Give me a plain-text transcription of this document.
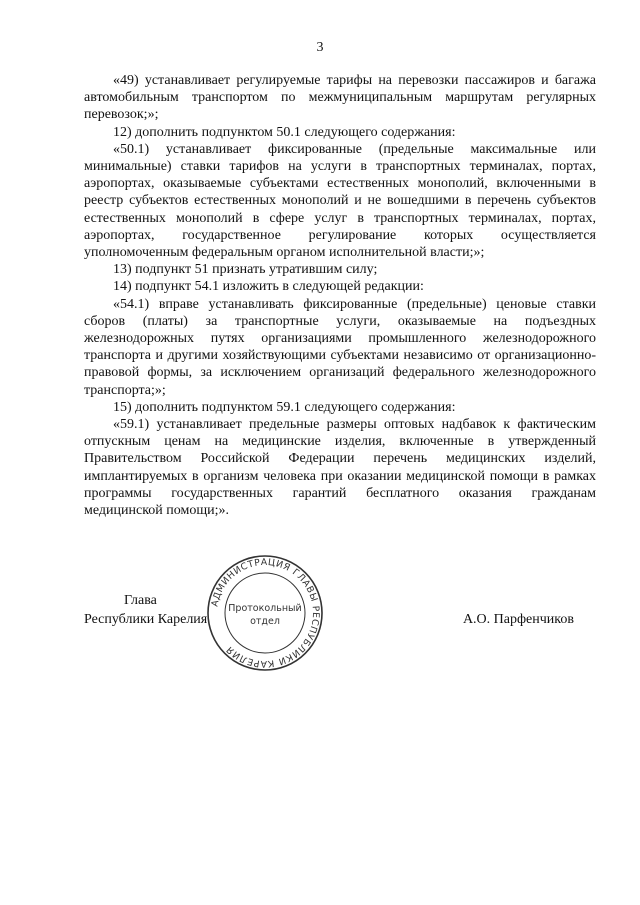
3

«49) устанавливает регулируемые тарифы на перевозки пассажиров и багажа автомобильным транспортом по межмуниципальным маршрутам регулярных перевозок;»;

12) дополнить подпунктом 50.1 следующего содержания:

«50.1) устанавливает фиксированные (предельные максимальные или минимальные) ставки тарифов на услуги в транспортных терминалах, портах, аэропортах, оказываемые субъектами естественных монополий, включенными в реестр субъектов естественных монополий и не вошедшими в перечень субъектов естественных монополий в сфере услуг в транспортных терминалах, портах, аэропортах, государственное регулирование которых осуществляется уполномоченным федеральным органом исполнительной власти;»;

13) подпункт 51 признать утратившим силу;

14) подпункт 54.1 изложить в следующей редакции:

«54.1) вправе устанавливать фиксированные (предельные) ценовые ставки сборов (платы) за транспортные услуги, оказываемые на подъездных железнодорожных путях организациями промышленного железнодорожного транспорта и другими хозяйствующими субъектами независимо от организационно-правовой формы, за исключением организаций федерального железнодорожного транспорта;»;

15) дополнить подпунктом 59.1 следующего содержания:

«59.1) устанавливает предельные размеры оптовых надбавок к фактическим отпускным ценам на медицинские изделия, включенные в утвержденный Правительством Российской Федерации перечень медицинских изделий, имплантируемых в организм человека при оказании медицинской помощи в рамках программы государственных гарантий бесплатного оказания гражданам медицинской помощи;».

Глава
Республики Карелия	А.О. Парфенчиков
АДМИНИСТРАЦИЯ ГЛАВЫ РЕСПУБЛИКИ КАРЕЛИЯ
Протокольный
отдел
